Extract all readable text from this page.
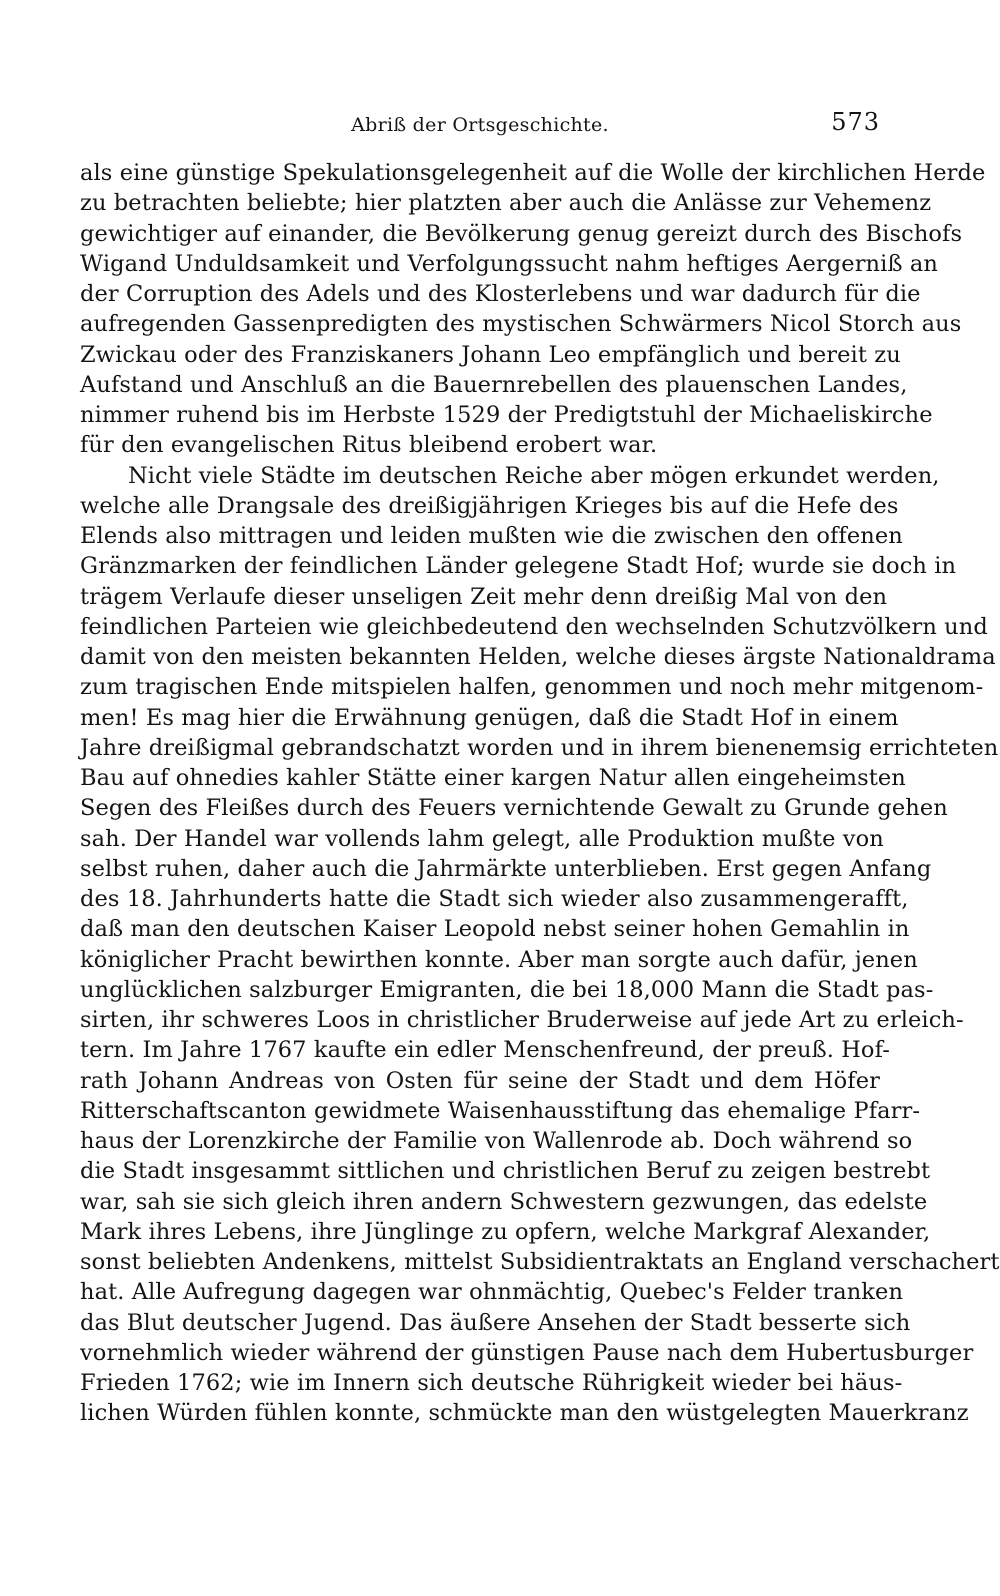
Abriß der Ortsgeschichte.	573
als eine günstige Spekulationsgelegenheit auf die Wolle der kirchlichen Herde
zu betrachten beliebte; hier platzten aber auch die Anlässe zur Vehemenz
gewichtiger auf einander, die Bevölkerung genug gereizt durch des Bischofs
Wigand Unduldsamkeit und Verfolgungssucht nahm heftiges Aergerniß an
der Corruption des Adels und des Klosterlebens und war dadurch für die
aufregenden Gassenpredigten des mystischen Schwärmers Nicol Storch aus
Zwickau oder des Franziskaners Johann Leo empfänglich und bereit zu
Aufstand und Anschluß an die Bauernrebellen des plauenschen Landes,
nimmer ruhend bis im Herbste 1529 der Predigtstuhl der Michaeliskirche
für den evangelischen Ritus bleibend erobert war.
Nicht viele Städte im deutschen Reiche aber mögen erkundet werden,
welche alle Drangsale des dreißigjährigen Krieges bis auf die Hefe des
Elends also mittragen und leiden mußten wie die zwischen den offenen
Gränzmarken der feindlichen Länder gelegene Stadt Hof; wurde sie doch in
trägem Verlaufe dieser unseligen Zeit mehr denn dreißig Mal von den
feindlichen Parteien wie gleichbedeutend den wechselnden Schutzvölkern und
damit von den meisten bekannten Helden, welche dieses ärgste Nationaldrama
zum tragischen Ende mitspielen halfen, genommen und noch mehr mitgenom-
men! Es mag hier die Erwähnung genügen, daß die Stadt Hof in einem
Jahre dreißigmal gebrandschatzt worden und in ihrem bienenemsig errichteten
Bau auf ohnedies kahler Stätte einer kargen Natur allen eingeheimsten
Segen des Fleißes durch des Feuers vernichtende Gewalt zu Grunde gehen
sah. Der Handel war vollends lahm gelegt, alle Produktion mußte von
selbst ruhen, daher auch die Jahrmärkte unterblieben. Erst gegen Anfang
des 18. Jahrhunderts hatte die Stadt sich wieder also zusammengerafft,
daß man den deutschen Kaiser Leopold nebst seiner hohen Gemahlin in
königlicher Pracht bewirthen konnte. Aber man sorgte auch dafür, jenen
unglücklichen salzburger Emigranten, die bei 18,000 Mann die Stadt pas-
sirten, ihr schweres Loos in christlicher Bruderweise auf jede Art zu erleich-
tern. Im Jahre 1767 kaufte ein edler Menschenfreund, der preuß. Hof-
rath Johann Andreas von Osten für seine der Stadt und dem Höfer
Ritterschaftscanton gewidmete Waisenhausstiftung das ehemalige Pfarr-
haus der Lorenzkirche der Familie von Wallenrode ab. Doch während so
die Stadt insgesammt sittlichen und christlichen Beruf zu zeigen bestrebt
war, sah sie sich gleich ihren andern Schwestern gezwungen, das edelste
Mark ihres Lebens, ihre Jünglinge zu opfern, welche Markgraf Alexander,
sonst beliebten Andenkens, mittelst Subsidientraktats an England verschachert
hat. Alle Aufregung dagegen war ohnmächtig, Quebec's Felder tranken
das Blut deutscher Jugend. Das äußere Ansehen der Stadt besserte sich
vornehmlich wieder während der günstigen Pause nach dem Hubertusburger
Frieden 1762; wie im Innern sich deutsche Rührigkeit wieder bei häus-
lichen Würden fühlen konnte, schmückte man den wüstgelegten Mauerkranz
